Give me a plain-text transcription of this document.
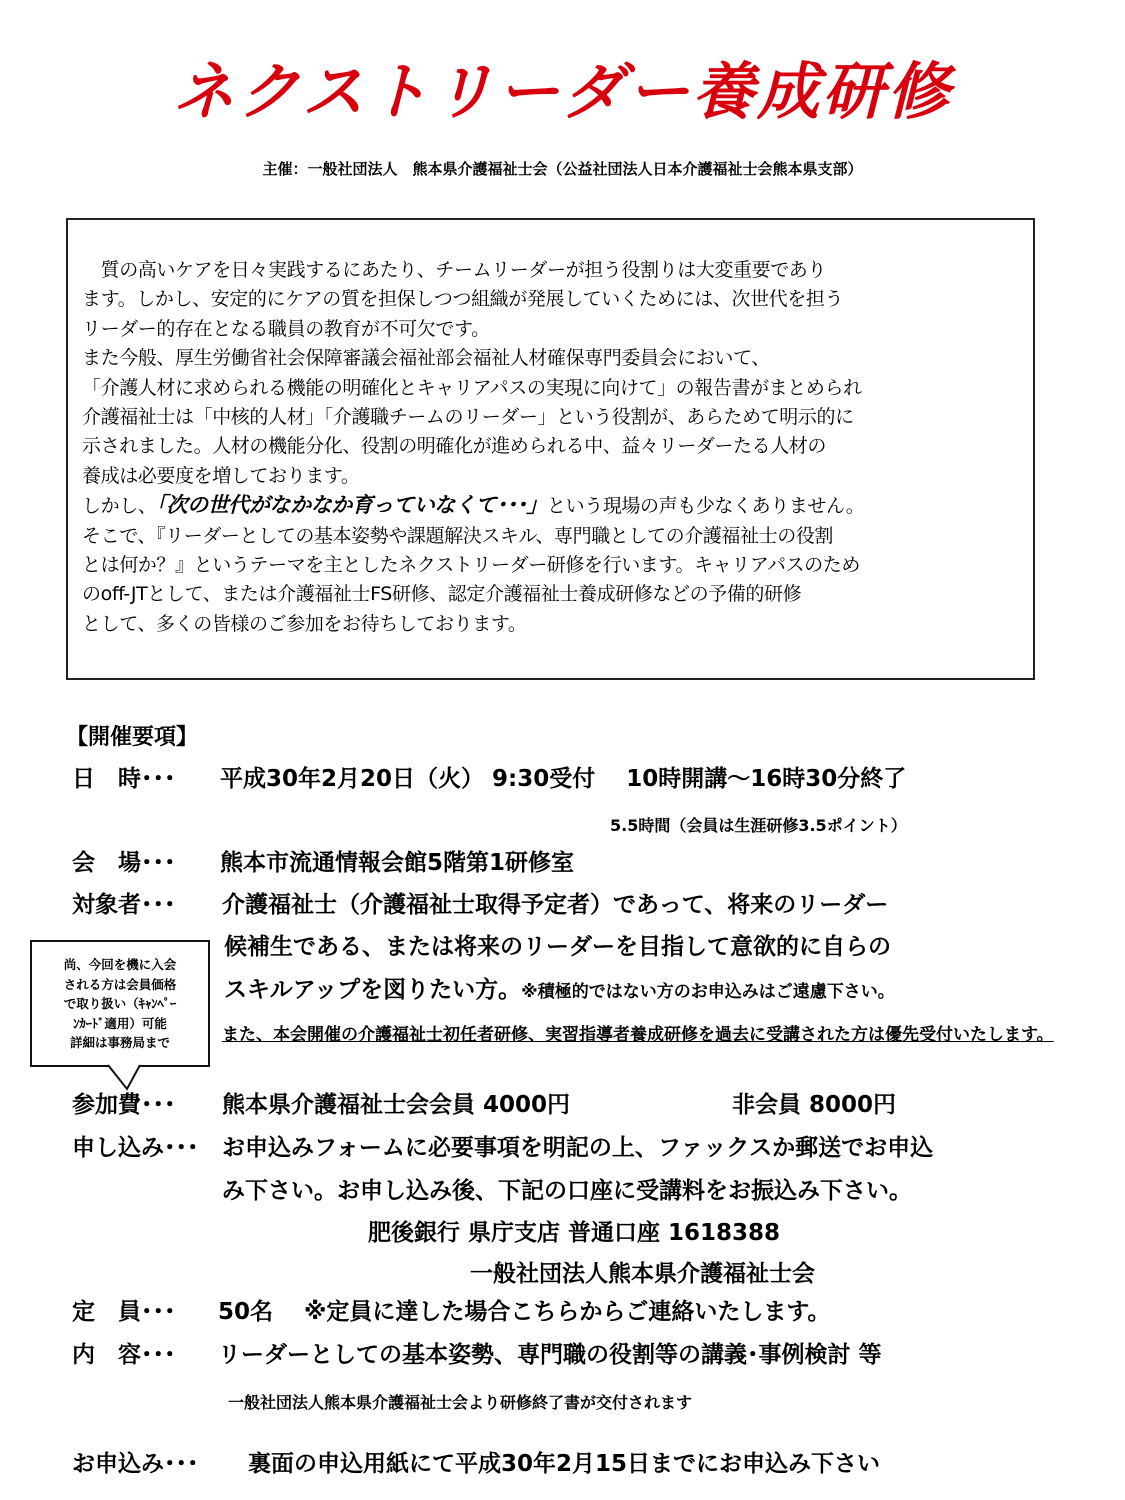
ネクストリーダー養成研修
主催：一般社団法人　熊本県介護福祉士会（公益社団法人日本介護福祉士会熊本県支部）

　質の高いケアを日々実践するにあたり、チームリーダーが担う役割りは大変重要であり

ます。しかし、安定的にケアの質を担保しつつ組織が発展していくためには、次世代を担う

リーダー的存在となる職員の教育が不可欠です。

また今般、厚生労働省社会保障審議会福祉部会福祉人材確保専門委員会において、

「介護人材に求められる機能の明確化とキャリアパスの実現に向けて」の報告書がまとめられ

介護福祉士は「中核的人材」「介護職チームのリーダー」という役割が、あらためて明示的に

示されました。人材の機能分化、役割の明確化が進められる中、益々リーダーたる人材の

養成は必要度を増しております。

しかし、「次の世代がなかなか育っていなくて･･･」という現場の声も少なくありません。

そこで、『リーダーとしての基本姿勢や課題解決スキル、専門職としての介護福祉士の役割

とは何か？』というテーマを主としたネクストリーダー研修を行います。キャリアパスのため

のoff-JTとして、または介護福祉士FS研修、認定介護福祉士養成研修などの予備的研修

として、多くの皆様のご参加をお待ちしております。

【開催要項】
日　時･･･ 平成30年2月20日（火） 9:30受付　 10時開講～16時30分終了
5.5時間（会員は生涯研修3.5ポイント）
会　場･･･ 熊本市流通情報会館5階第1研修室
対象者･･･ 介護福祉士（介護福祉士取得予定者）であって、将来のリーダー
候補生である、または将来のリーダーを目指して意欲的に自らの
スキルアップを図りたい方。※積極的ではない方のお申込みはご遠慮下さい。
また、本会開催の介護福祉士初任者研修、実習指導者養成研修を過去に受講された方は優先受付いたします。
尚、今回を機に入会
される方は会員価格
で取り扱い（ｷｬﾝﾍﾟｰ
ﾝｶｰﾄﾞ適用）可能
詳細は事務局まで
参加費･･･ 熊本県介護福祉士会会員 4000円	非会員 8000円
申し込み･･･ お申込みフォームに必要事項を明記の上、ファックスか郵送でお申込
み下さい。お申し込み後、下記の口座に受講料をお振込み下さい。
肥後銀行 県庁支店 普通口座 1618388
一般社団法人熊本県介護福祉士会
定　員･･･ 50名　 ※定員に達した場合こちらからご連絡いたします。
内　容･･･ リーダーとしての基本姿勢、専門職の役割等の講義･事例検討 等
一般社団法人熊本県介護福祉士会より研修終了書が交付されます
お申込み･･･ 裏面の申込用紙にて平成30年2月15日までにお申込み下さい
